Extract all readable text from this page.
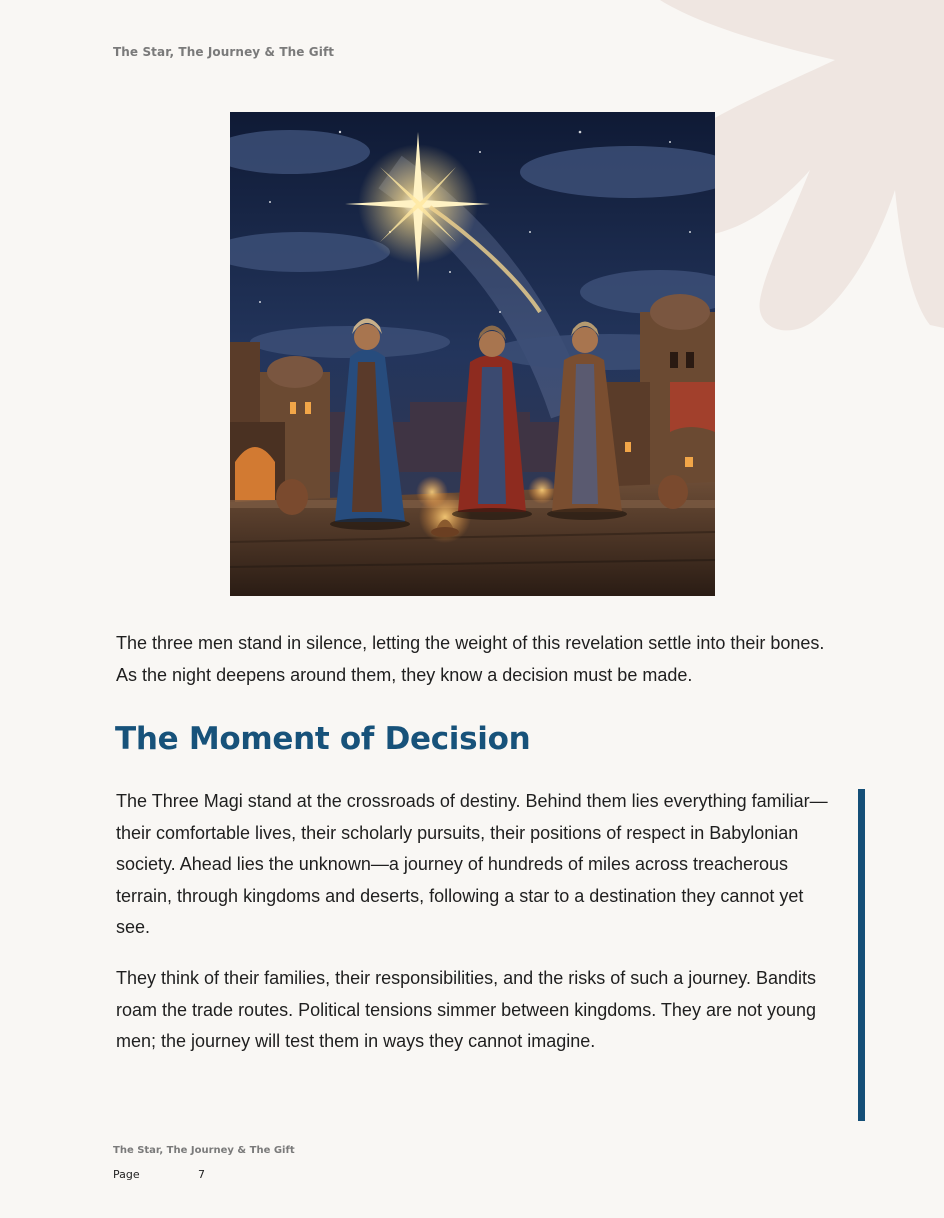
The Star, The Journey & The Gift

The three men stand in silence, letting the weight of this revelation settle into their bones. As the night deepens around them, they know a decision must be made.

The Moment of Decision

The Three Magi stand at the crossroads of destiny. Behind them lies everything familiar—their comfortable lives, their scholarly pursuits, their positions of respect in Babylonian society. Ahead lies the unknown—a journey of hundreds of miles across treacherous terrain, through kingdoms and deserts, following a star to a destination they cannot yet see.

They think of their families, their responsibilities, and the risks of such a journey. Bandits roam the trade routes. Political tensions simmer between kingdoms. They are not young men; the journey will test them in ways they cannot imagine.

The Star, The Journey & The Gift
Page	7
